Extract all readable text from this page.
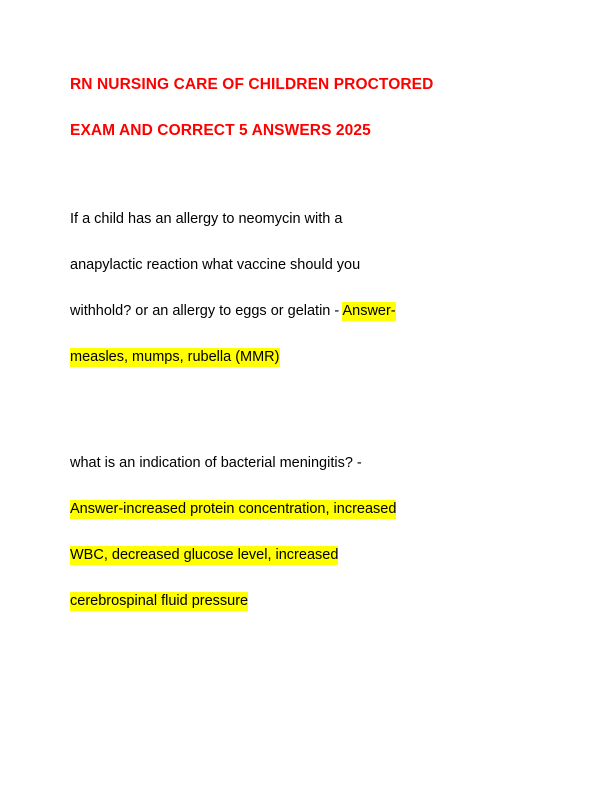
RN NURSING CARE OF CHILDREN PROCTORED
EXAM AND CORRECT 5 ANSWERS 2025

If a child has an allergy to neomycin with a
anapylactic reaction what vaccine should you
withhold? or an allergy to eggs or gelatin - Answer-
measles, mumps, rubella (MMR)

what is an indication of bacterial meningitis? -
Answer-increased protein concentration, increased
WBC, decreased glucose level, increased
cerebrospinal fluid pressure
